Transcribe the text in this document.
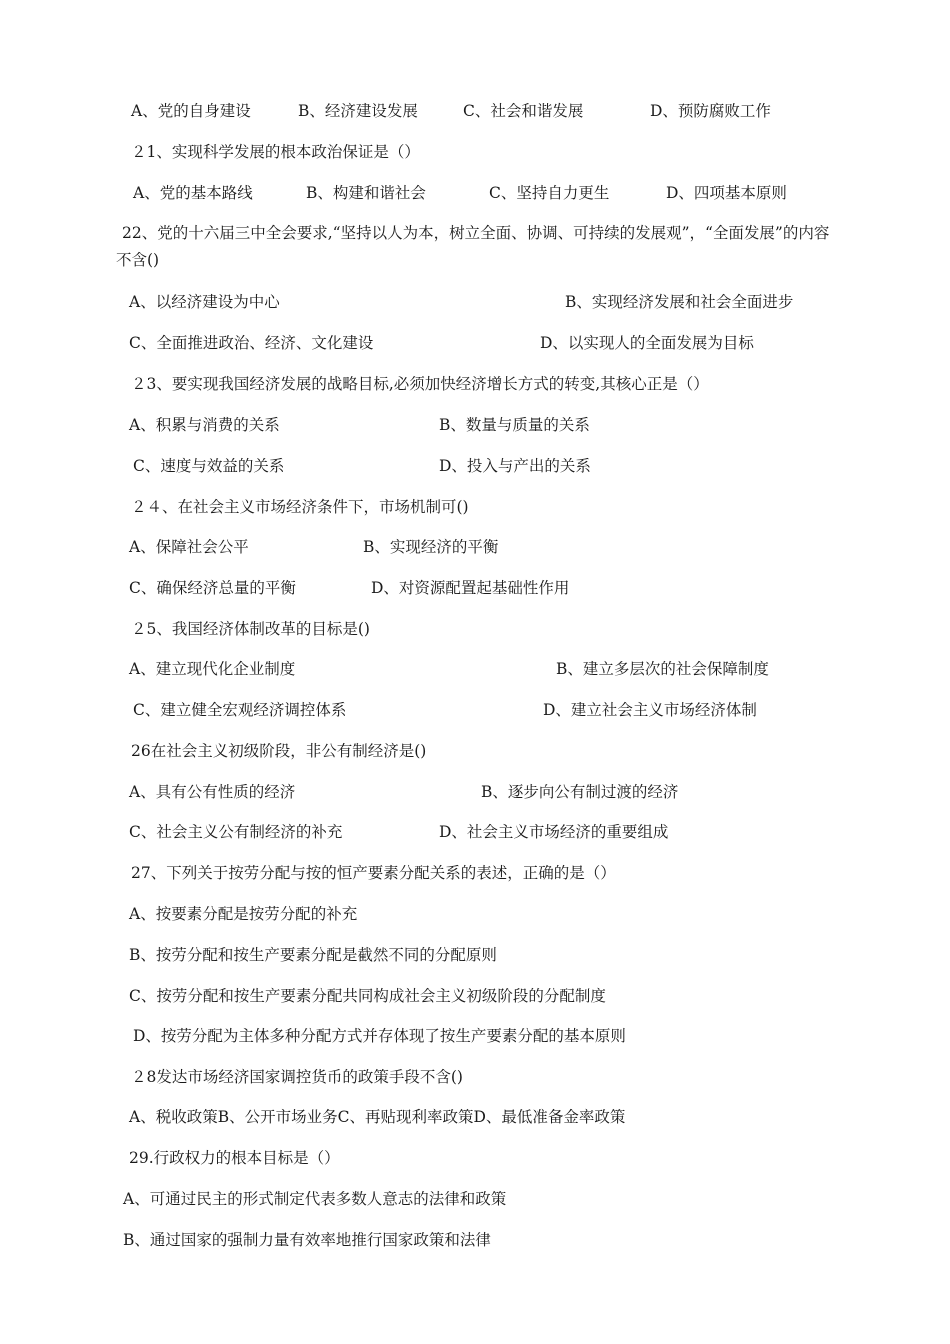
A、党的自身建设	B、经济建设发展	C、社会和谐发展	D、预防腐败工作
２1、实现科学发展的根本政治保证是（）
A、党的基本路线	B、构建和谐社会	C、坚持自力更生	D、四项基本原则
22、党的十六届三中全会要求,“坚持以人为本，树立全面、协调、可持续的发展观”，“全面发展”的内容不含()
A、以经济建设为中心	B、实现经济发展和社会全面进步
C、全面推进政治、经济、文化建设	D、以实现人的全面发展为目标
２3、要实现我国经济发展的战略目标,必须加快经济增长方式的转变,其核心正是（）
A、积累与消费的关系	B、数量与质量的关系
C、速度与效益的关系	D、投入与产出的关系
２４、在社会主义市场经济条件下，市场机制可()
A、保障社会公平	B、实现经济的平衡
C、确保经济总量的平衡	D、对资源配置起基础性作用
２5、我国经济体制改革的目标是()
A、建立现代化企业制度	B、建立多层次的社会保障制度
C、建立健全宏观经济调控体系	D、建立社会主义市场经济体制
26在社会主义初级阶段，非公有制经济是()
A、具有公有性质的经济	B、逐步向公有制过渡的经济
C、社会主义公有制经济的补充	D、社会主义市场经济的重要组成
27、下列关于按劳分配与按的恒产要素分配关系的表述，正确的是（）
A、按要素分配是按劳分配的补充
B、按劳分配和按生产要素分配是截然不同的分配原则
C、按劳分配和按生产要素分配共同构成社会主义初级阶段的分配制度
D、按劳分配为主体多种分配方式并存体现了按生产要素分配的基本原则
２8发达市场经济国家调控货币的政策手段不含()
A、税收政策B、公开市场业务C、再贴现利率政策D、最低准备金率政策
29.行政权力的根本目标是（）
A、可通过民主的形式制定代表多数人意志的法律和政策
B、通过国家的强制力量有效率地推行国家政策和法律
